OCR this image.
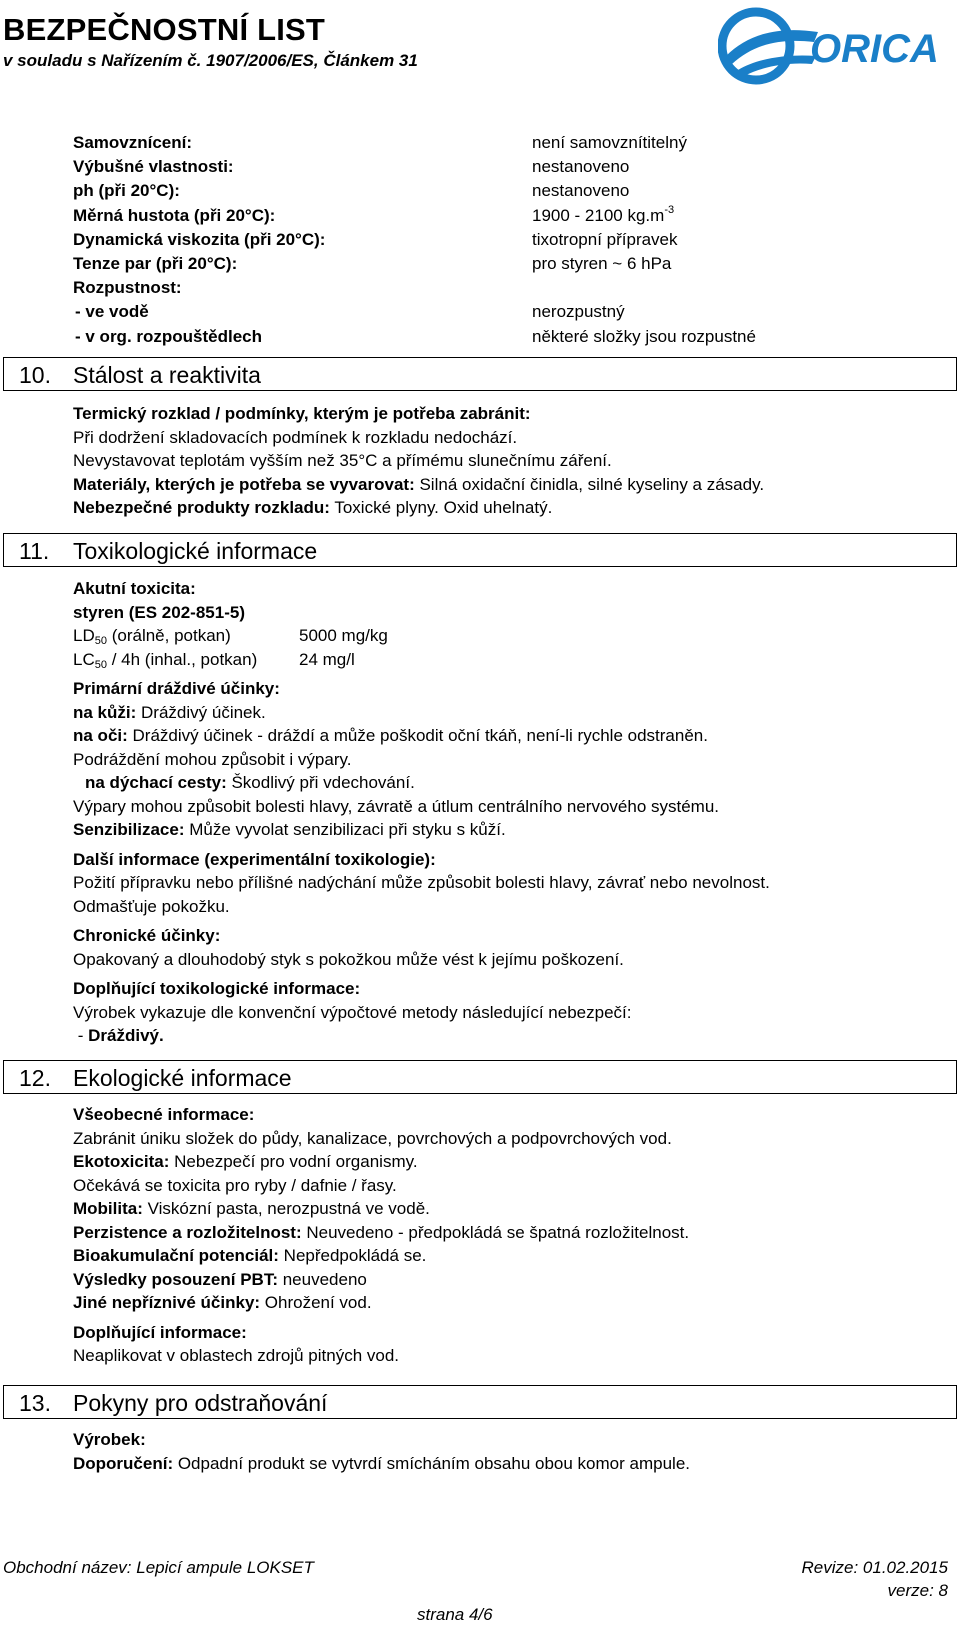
BEZPEČNOSTNÍ LIST
v souladu s Nařízením č. 1907/2006/ES, Článkem 31	ORICA
Samovznícení:	není samovznítitelný
Výbušné vlastnosti:	nestanoveno
ph (při 20°C):	nestanoveno
Měrná hustota (při 20°C):	1900 - 2100 $kg.m^{-3}$
Dynamická viskozita (při 20°C):	tixotropní přípravek
Tenze par (při 20°C):	pro styren ~ 6 hPa
Rozpustnost:
- ve vodě	nerozpustný
- v org. rozpouštědlech	některé složky jsou rozpustné
10. Stálost a reaktivita
Termický rozklad / podmínky, kterým je potřeba zabránit:
Při dodržení skladovacích podmínek k rozkladu nedochází.
Nevystavovat teplotám vyšším než 35°C a přímému slunečnímu záření.
Materiály, kterých je potřeba se vyvarovat: Silná oxidační činidla, silné kyseliny a zásady.
Nebezpečné produkty rozkladu: Toxické plyny. Oxid uhelnatý.
11. Toxikologické informace
Akutní toxicita:
styren (ES 202-851-5)
$LD_{50}$ (orálně, potkan)	5000 mg/kg
$LC_{50} / 4h$ (inhal., potkan) 24 mg/l
Primární dráždivé účinky:
na kůži: Dráždivý účinek.
na oči: Dráždivý účinek - dráždí a může poškodit oční tkáň, není-li rychle odstraněn.
Podráždění mohou způsobit i výpary.
na dýchací cesty: Škodlivý při vdechování.
Výpary mohou způsobit bolesti hlavy, závratě a útlum centrálního nervového systému.
Senzibilizace: Může vyvolat senzibilizaci při styku s kůží.
Další informace (experimentální toxikologie):
Požití přípravku nebo přílišné nadýchání může způsobit bolesti hlavy, závrať nebo nevolnost.
Odmašťuje pokožku.
Chronické účinky:
Opakovaný a dlouhodobý styk s pokožkou může vést k jejímu poškození.
Doplňující toxikologické informace:
Výrobek vykazuje dle konvenční výpočtové metody následující nebezpečí:
- Dráždivý.
12. Ekologické informace
Všeobecné informace:
Zabránit úniku složek do půdy, kanalizace, povrchových a podpovrchových vod.
Ekotoxicita: Nebezpečí pro vodní organismy.
Očekává se toxicita pro ryby / dafnie / řasy.
Mobilita: Viskózní pasta, nerozpustná ve vodě.
Perzistence a rozložitelnost: Neuvedeno - předpokládá se špatná rozložitelnost.
Bioakumulační potenciál: Nepředpokládá se.
Výsledky posouzení PBT: neuvedeno
Jiné nepříznivé účinky: Ohrožení vod.
Doplňující informace:
Neaplikovat v oblastech zdrojů pitných vod.
13. Pokyny pro odstraňování
Výrobek:
Doporučení: Odpadní produkt se vytvrdí smícháním obsahu obou komor ampule.
Obchodní název: Lepicí ampule LOKSET	Revize: 01.02.2015
verze: 8
strana 4/6
